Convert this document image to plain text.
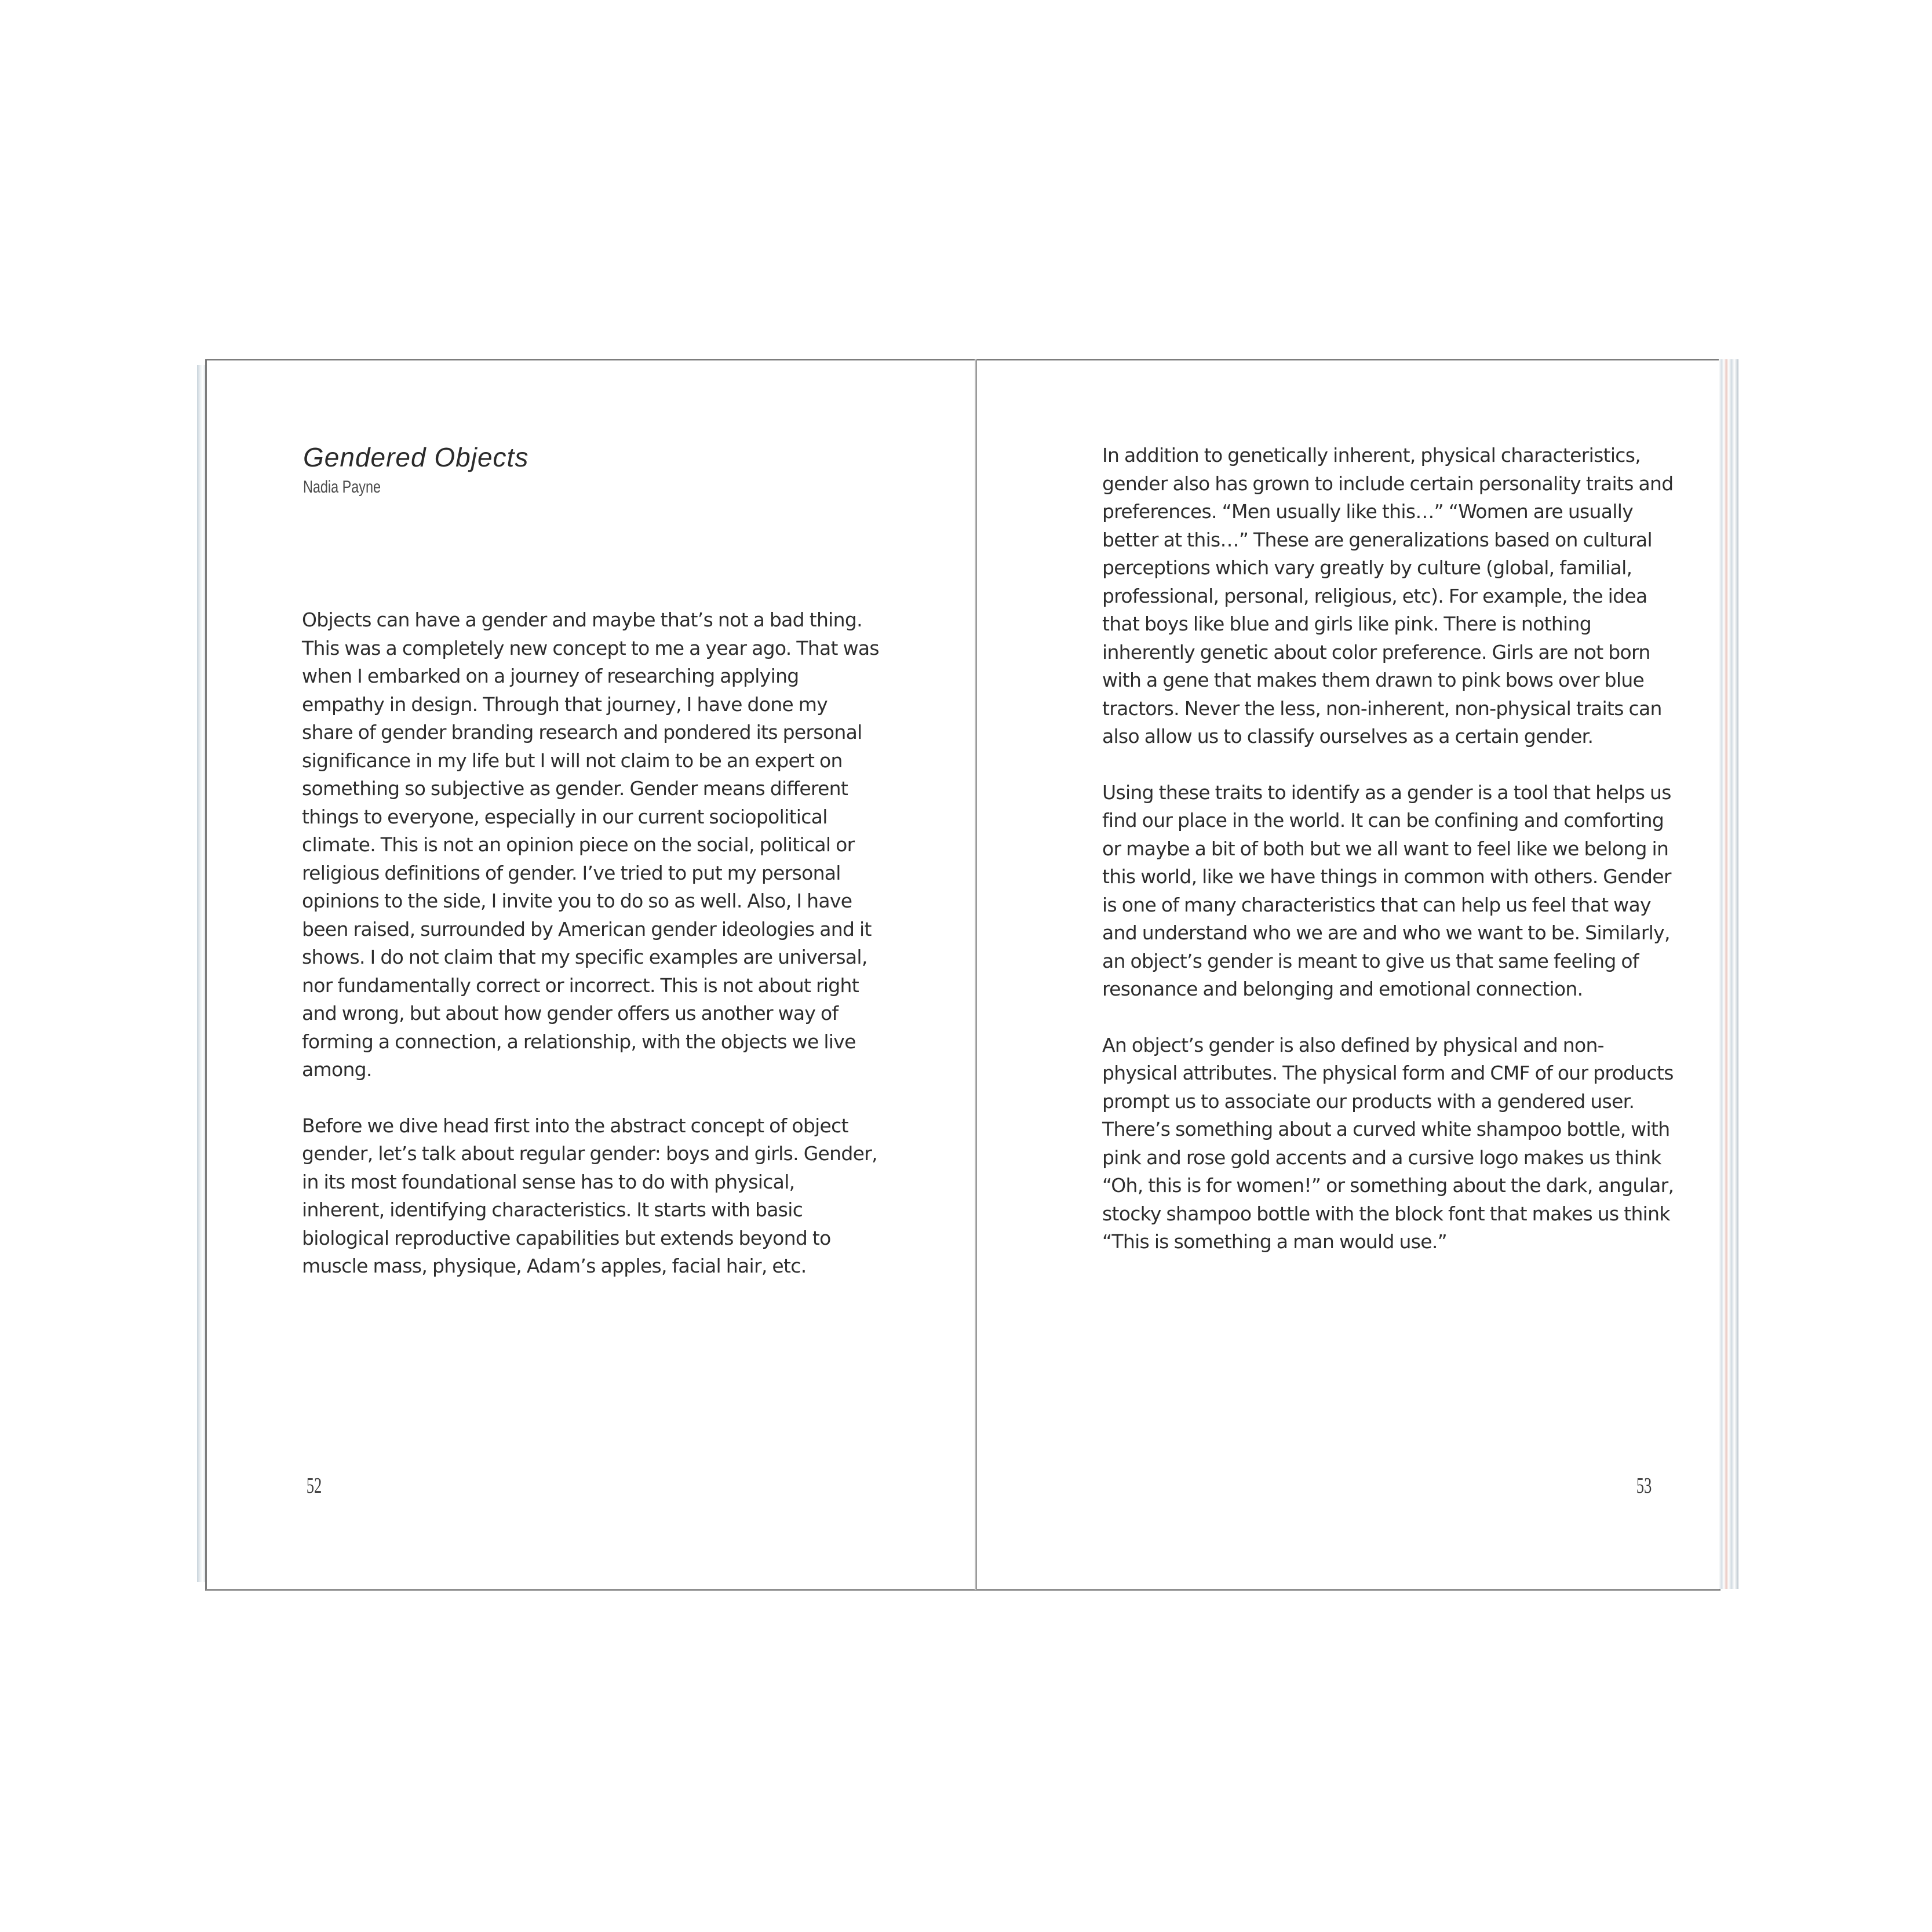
Gendered Objects
Nadia Payne

Objects can have a gender and maybe that’s not a bad thing. This was a completely new concept to me a year ago. That was when I embarked on a journey of researching applying empathy in design. Through that journey, I have done my share of gender branding research and pondered its personal significance in my life but I will not claim to be an expert on something so subjective as gender. Gender means different things to everyone, especially in our current sociopolitical climate. This is not an opinion piece on the social, political or religious definitions of gender. I’ve tried to put my personal opinions to the side, I invite you to do so as well. Also, I have been raised, surrounded by American gender ideologies and it shows. I do not claim that my specific examples are universal, nor fundamentally correct or incorrect. This is not about right and wrong, but about how gender offers us another way of forming a connection, a relationship, with the objects we live among.

Before we dive head first into the abstract concept of object gender, let’s talk about regular gender: boys and girls. Gender, in its most foundational sense has to do with physical, inherent, identifying characteristics. It starts with basic biological reproductive capabilities but extends beyond to muscle mass, physique, Adam’s apples, facial hair, etc.

52

In addition to genetically inherent, physical characteristics, gender also has grown to include certain personality traits and preferences. “Men usually like this…” “Women are usually better at this…” These are generalizations based on cultural perceptions which vary greatly by culture (global, familial, professional, personal, religious, etc). For example, the idea that boys like blue and girls like pink. There is nothing inherently genetic about color preference. Girls are not born with a gene that makes them drawn to pink bows over blue tractors. Never the less, non-inherent, non-physical traits can also allow us to classify ourselves as a certain gender.

Using these traits to identify as a gender is a tool that helps us find our place in the world. It can be confining and comforting or maybe a bit of both but we all want to feel like we belong in this world, like we have things in common with others. Gender is one of many characteristics that can help us feel that way and understand who we are and who we want to be. Similarly, an object’s gender is meant to give us that same feeling of resonance and belonging and emotional connection.

An object’s gender is also defined by physical and non-physical attributes. The physical form and CMF of our products prompt us to associate our products with a gendered user. There’s something about a curved white shampoo bottle, with pink and rose gold accents and a cursive logo makes us think “Oh, this is for women!” or something about the dark, angular, stocky shampoo bottle with the block font that makes us think “This is something a man would use.”

53
